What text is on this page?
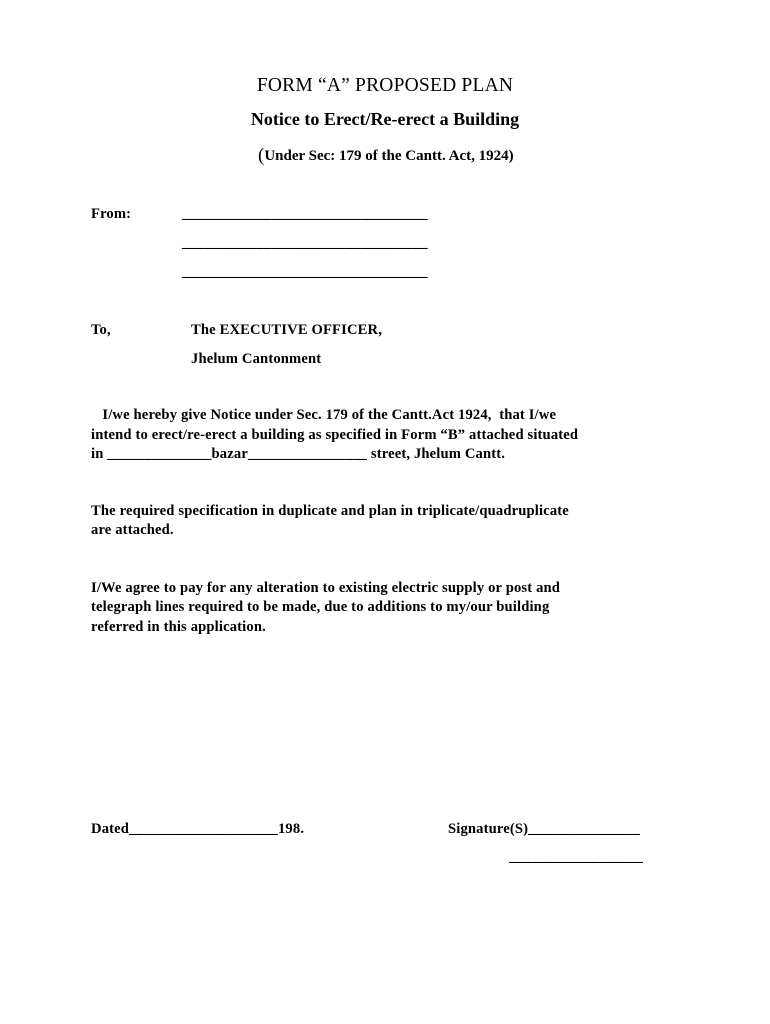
FORM “A” PROPOSED PLAN
Notice to Erect/Re-erect a Building
(Under Sec: 179 of the Cantt. Act, 1924)
From:	_________________________________
_________________________________
_________________________________
To,	The EXECUTIVE OFFICER,
Jhelum Cantonment
I/we hereby give Notice under Sec. 179 of the Cantt.Act 1924,  that I/we
intend to erect/re-erect a building as specified in Form “B” attached situated
in ______________bazar________________ street, Jhelum Cantt.
The required specification in duplicate and plan in triplicate/quadruplicate
are attached.
I/We agree to pay for any alteration to existing electric supply or post and
telegraph lines required to be made, due to additions to my/our building
referred in this application.
Dated____________________198.	Signature(S)_______________
__________________
